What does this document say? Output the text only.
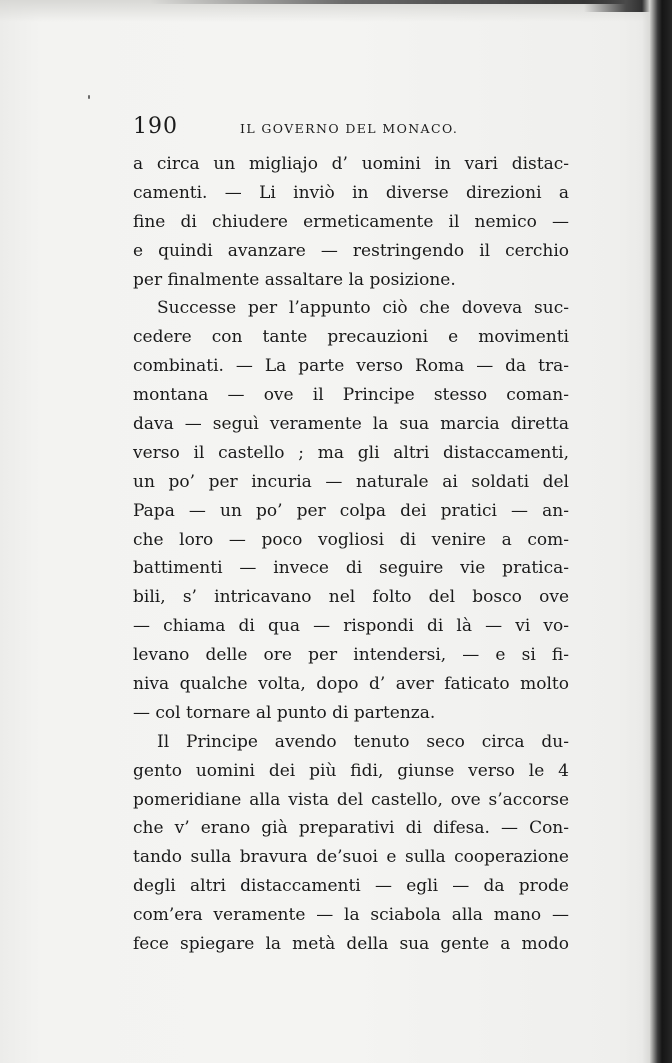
190	IL GOVERNO DEL MONACO.
a circa un migliajo d’ uomini in vari distac-
camenti. — Li inviò in diverse direzioni a
fine di chiudere ermeticamente il nemico —
e quindi avanzare — restringendo il cerchio
per finalmente assaltare la posizione.
Successe per l’appunto ciò che doveva suc-
cedere con tante precauzioni e movimenti
combinati. — La parte verso Roma — da tra-
montana — ove il Principe stesso coman-
dava — seguì veramente la sua marcia diretta
verso il castello ; ma gli altri distaccamenti,
un po’ per incuria — naturale ai soldati del
Papa — un po’ per colpa dei pratici — an-
che loro — poco vogliosi di venire a com-
battimenti — invece di seguire vie pratica-
bili, s’ intricavano nel folto del bosco ove
— chiama di qua — rispondi di là — vi vo-
levano delle ore per intendersi, — e si fi-
niva qualche volta, dopo d’ aver faticato molto
— col tornare al punto di partenza.
Il Principe avendo tenuto seco circa du-
gento uomini dei più fidi, giunse verso le 4
pomeridiane alla vista del castello, ove s’accorse
che v’ erano già preparativi di difesa. — Con-
tando sulla bravura de’suoi e sulla cooperazione
degli altri distaccamenti — egli — da prode
com’era veramente — la sciabola alla mano —
fece spiegare la metà della sua gente a modo
